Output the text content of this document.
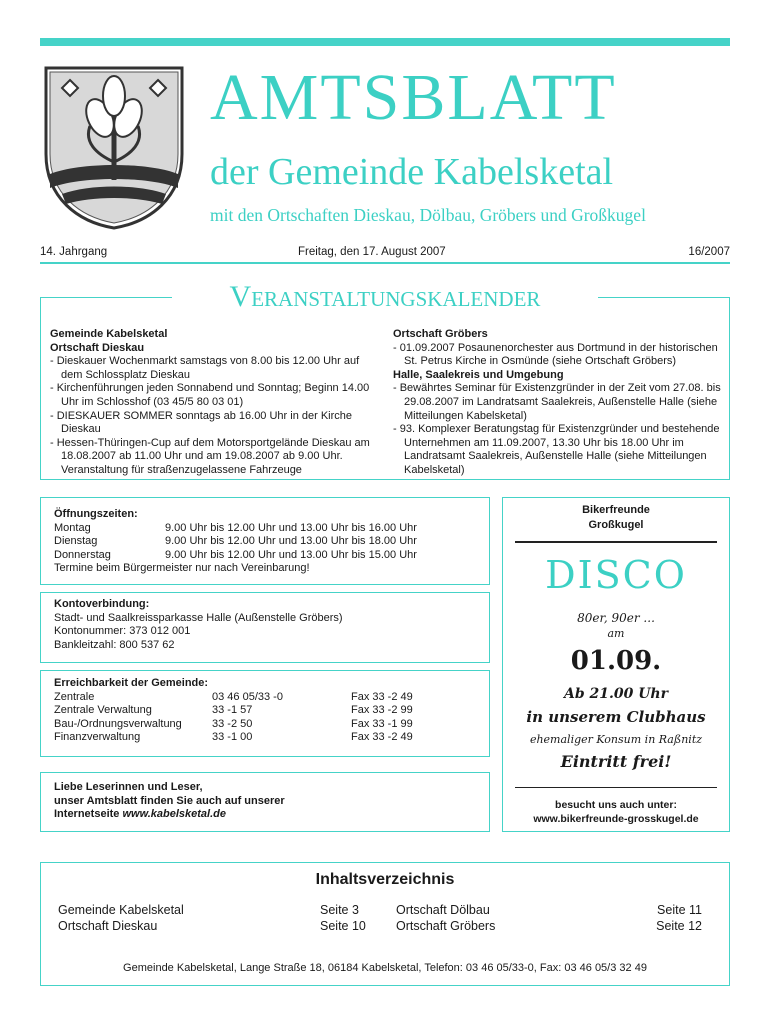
AMTSBLATT
der Gemeinde Kabelsketal
mit den Ortschaften Dieskau, Dölbau, Gröbers und Großkugel
14. Jahrgang	Freitag, den 17. August 2007	16/2007
Veranstaltungskalender
Gemeinde Kabelsketal
Ortschaft Dieskau
- Dieskauer Wochenmarkt samstags von 8.00 bis 12.00 Uhr auf dem Schlossplatz Dieskau
- Kirchenführungen jeden Sonnabend und Sonntag; Beginn 14.00 Uhr im Schlosshof (03 45/5 80 03 01)
- DIESKAUER SOMMER sonntags ab 16.00 Uhr in der Kirche Dieskau
- Hessen-Thüringen-Cup auf dem Motorsportgelände Dieskau am 18.08.2007 ab 11.00 Uhr und am 19.08.2007 ab 9.00 Uhr. Veranstaltung für straßenzugelassene Fahrzeuge
Ortschaft Gröbers
- 01.09.2007 Posaunenorchester aus Dortmund in der historischen St. Petrus Kirche in Osmünde (siehe Ortschaft Gröbers)
Halle, Saalekreis und Umgebung
- Bewährtes Seminar für Existenzgründer in der Zeit vom 27.08. bis 29.08.2007 im Landratsamt Saalekreis, Außenstelle Halle (siehe Mitteilungen Kabelsketal)
- 93. Komplexer Beratungstag für Existenzgründer und bestehende Unternehmen am 11.09.2007, 13.30 Uhr bis 18.00 Uhr im Landratsamt Saalekreis, Außenstelle Halle (siehe Mitteilungen Kabelsketal)
Öffnungszeiten:
Montag	9.00 Uhr bis 12.00 Uhr und 13.00 Uhr bis 16.00 Uhr
Dienstag	9.00 Uhr bis 12.00 Uhr und 13.00 Uhr bis 18.00 Uhr
Donnerstag	9.00 Uhr bis 12.00 Uhr und 13.00 Uhr bis 15.00 Uhr
Termine beim Bürgermeister nur nach Vereinbarung!
Kontoverbindung:
Stadt- und Saalkreissparkasse Halle (Außenstelle Gröbers)
Kontonummer: 373 012 001
Bankleitzahl: 800 537 62
Erreichbarkeit der Gemeinde:
Zentrale	03 46 05/33 -0	Fax 33 -2 49
Zentrale Verwaltung	33 -1 57	Fax 33 -2 99
Bau-/Ordnungsverwaltung	33 -2 50	Fax 33 -1 99
Finanzverwaltung	33 -1 00	Fax 33 -2 49
Liebe Leserinnen und Leser,
unser Amtsblatt finden Sie auch auf unserer
Internetseite www.kabelsketal.de
Bikerfreunde
Großkugel
DISCO
80er, 90er ...
am
01.09.
Ab 21.00 Uhr
in unserem Clubhaus
ehemaliger Konsum in Raßnitz
Eintritt frei!
besucht uns auch unter:
www.bikerfreunde-grosskugel.de
Inhaltsverzeichnis
Gemeinde Kabelsketal	Seite 3	Ortschaft Dölbau	Seite 11
Ortschaft Dieskau	Seite 10 Ortschaft Gröbers	Seite 12
Gemeinde Kabelsketal, Lange Straße 18, 06184 Kabelsketal, Telefon: 03 46 05/33-0, Fax: 03 46 05/3 32 49
